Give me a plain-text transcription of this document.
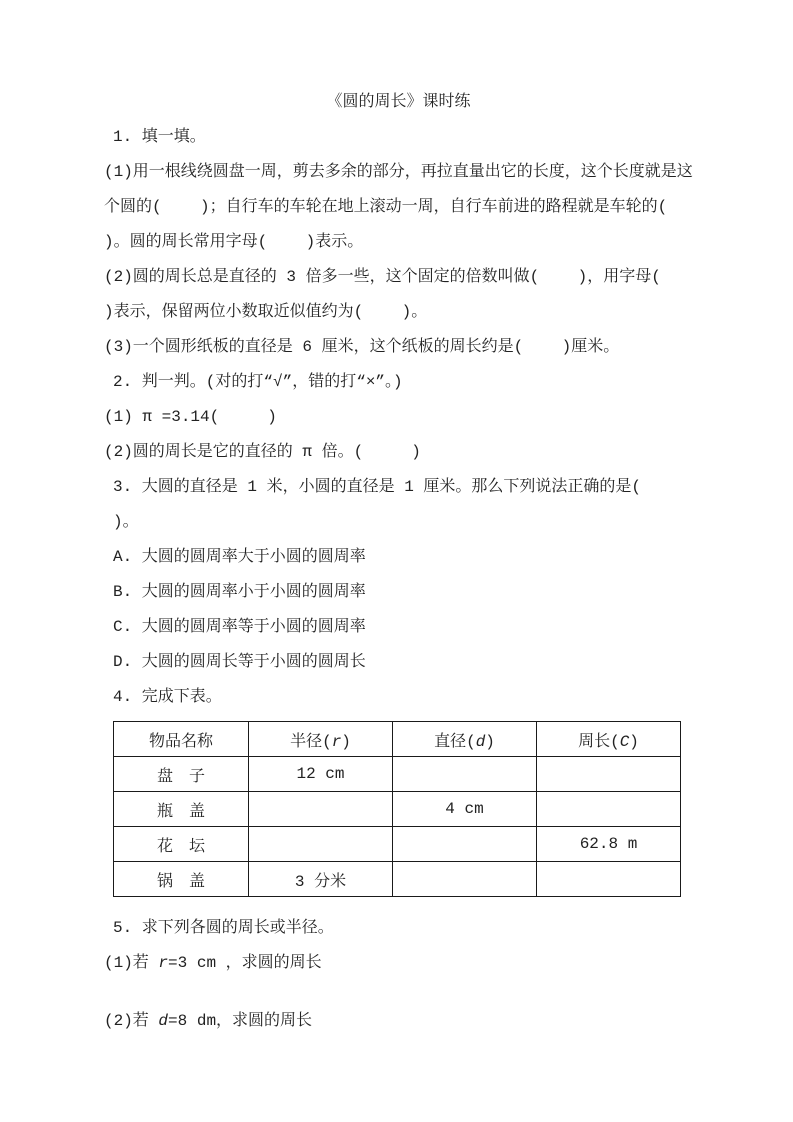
《圆的周长》课时练

1. 填一填。

(1)用一根线绕圆盘一周，剪去多余的部分，再拉直量出它的长度，这个长度就是这个圆的(    )；自行车的车轮在地上滚动一周，自行车前进的路程就是车轮的(    )。圆的周长常用字母(    )表示。

(2)圆的周长总是直径的 3 倍多一些，这个固定的倍数叫做(    )，用字母(    )表示，保留两位小数取近似值约为(    )。

(3)一个圆形纸板的直径是 6 厘米，这个纸板的周长约是(    )厘米。

2. 判一判。(对的打“√”，错的打“×”。)

(1) π =3.14(     )

(2)圆的周长是它的直径的 π 倍。(     )

3. 大圆的直径是 1 米，小圆的直径是 1 厘米。那么下列说法正确的是(    )。

A. 大圆的圆周率大于小圆的圆周率

B. 大圆的圆周率小于小圆的圆周率

C. 大圆的圆周率等于小圆的圆周率

D. 大圆的圆周长等于小圆的圆周长

4. 完成下表。

物品名称	半径(r)	直径(d)	周长(C)
盘　子	12 cm		
瓶　盖		4 cm	
花　坛			62.8 m
锅　盖	3 分米		

5. 求下列各圆的周长或半径。

(1)若 r=3 cm ，求圆的周长

(2)若 d=8 dm，求圆的周长
